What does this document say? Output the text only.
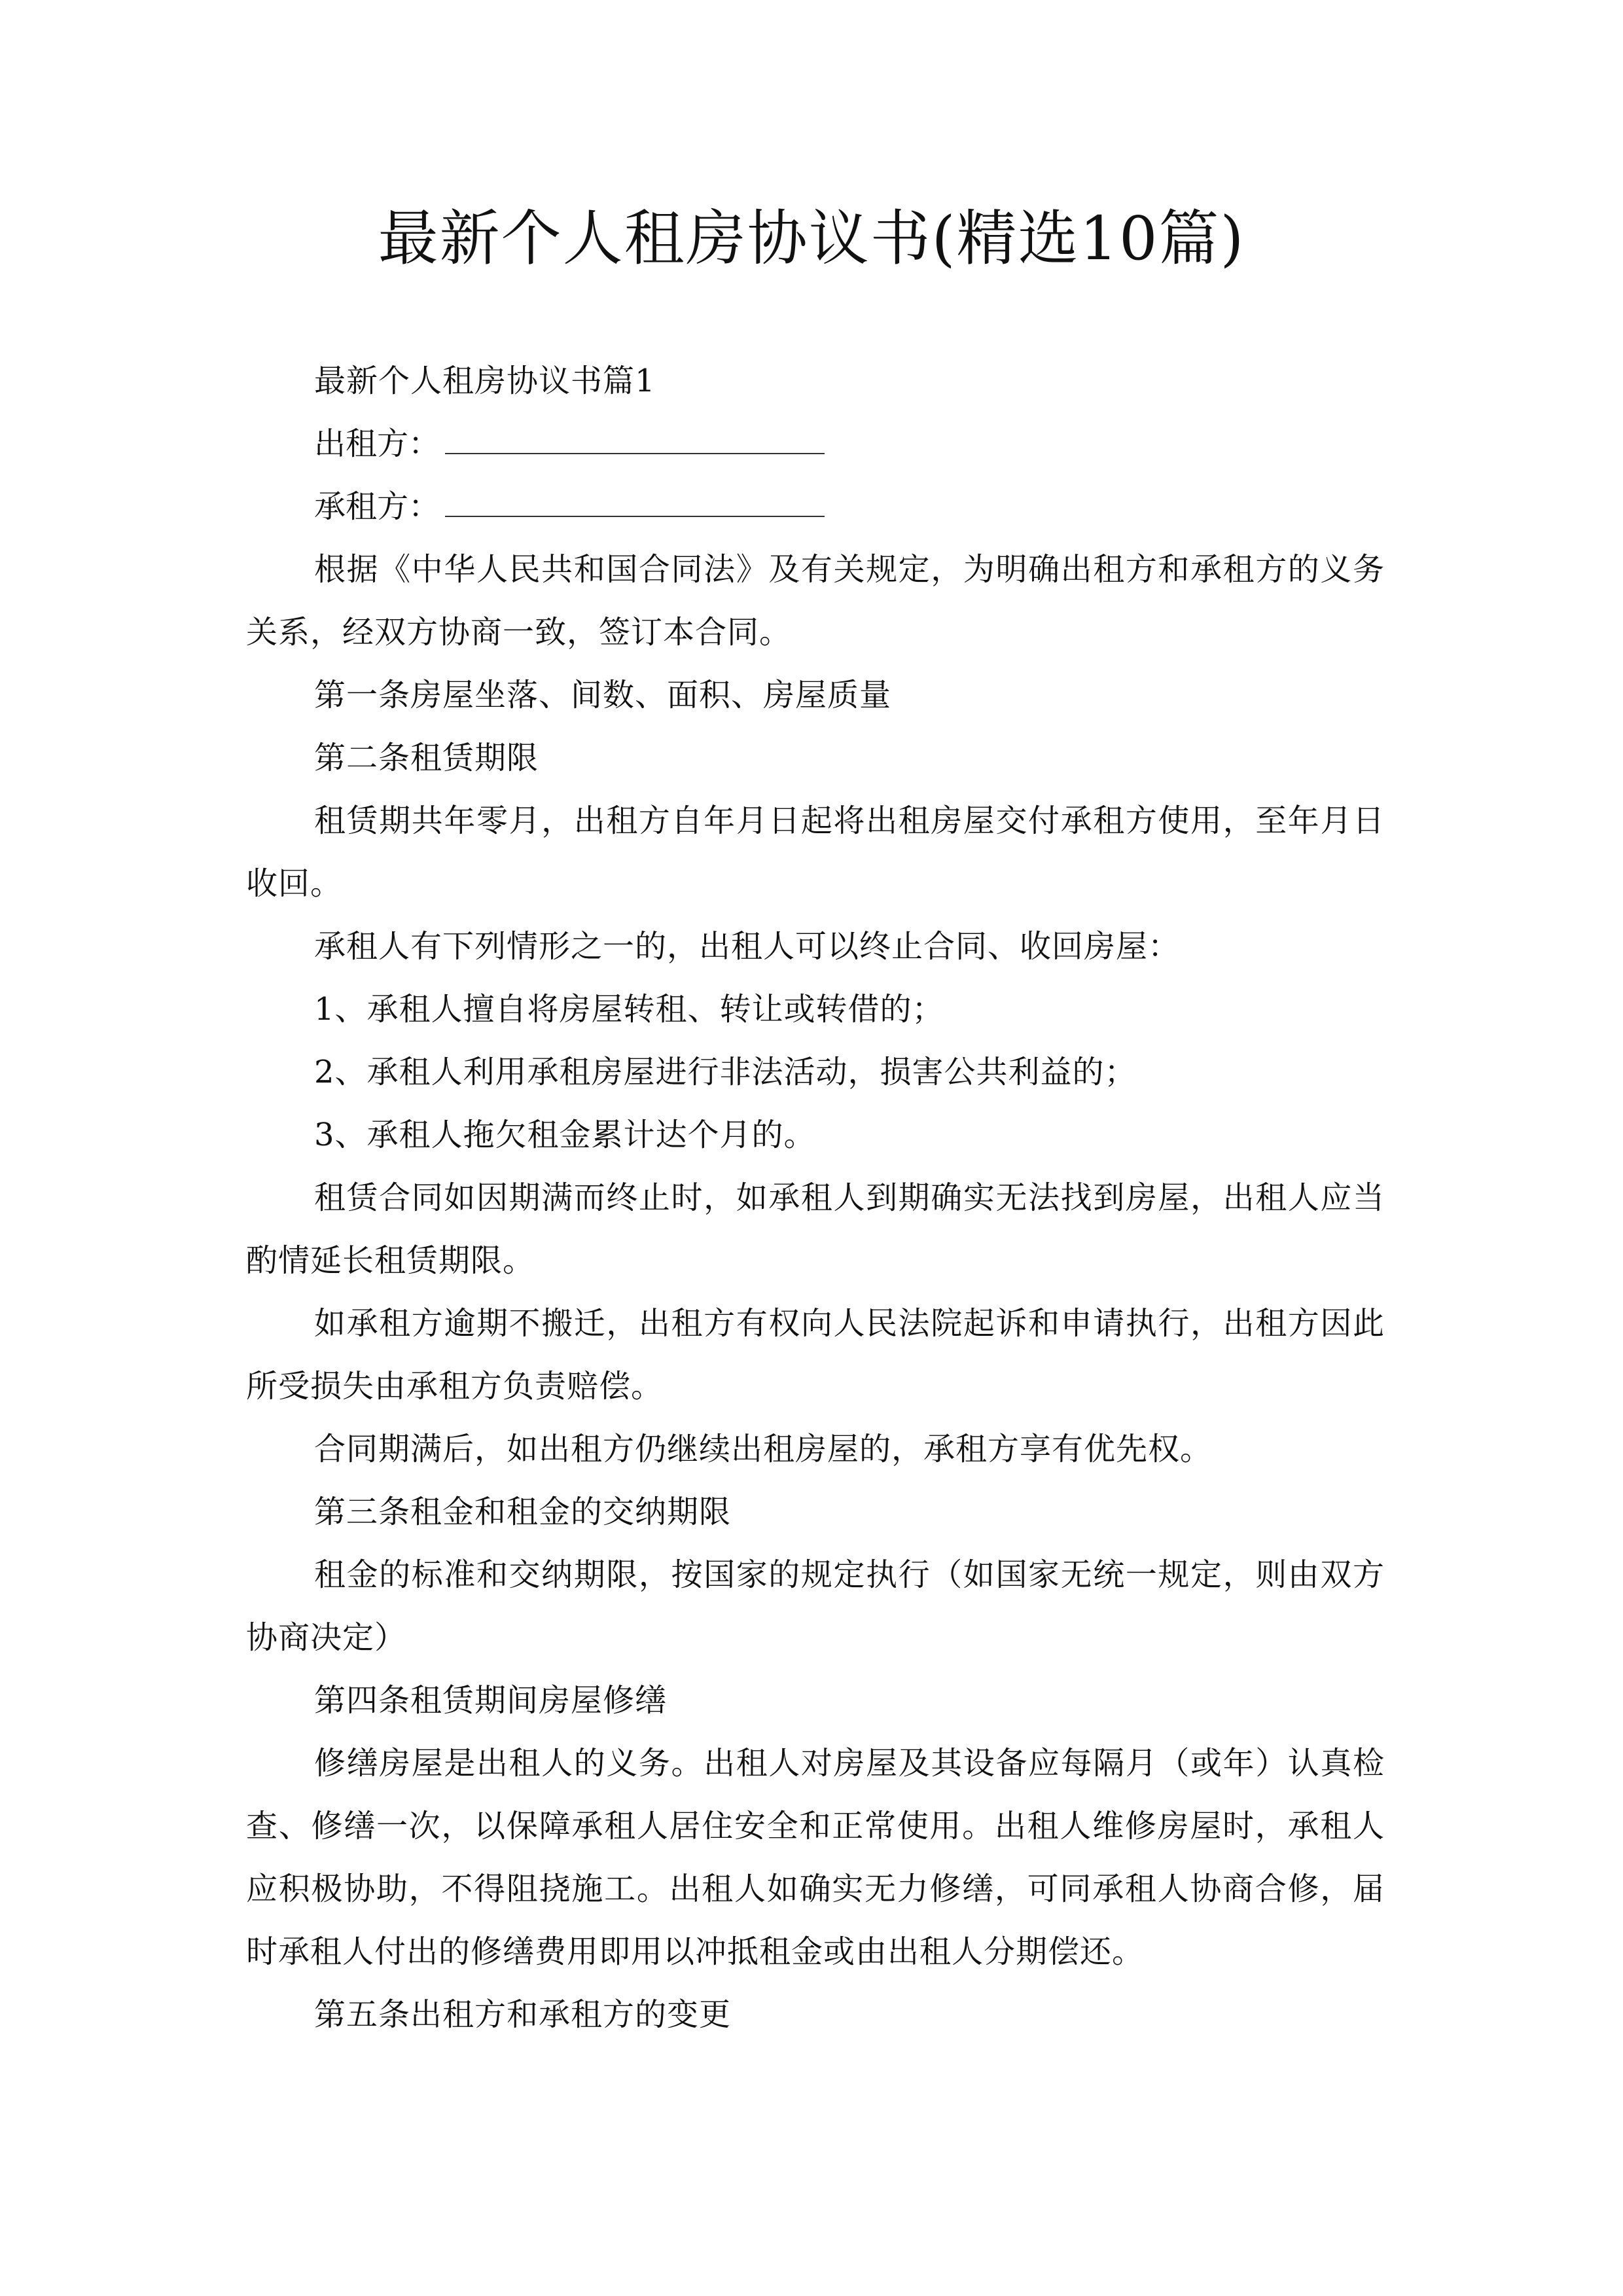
最新个人租房协议书(精选10篇)

最新个人租房协议书篇1

出租方：

承租方：

根据《中华人民共和国合同法》及有关规定，为明确出租方和承租方的义务关系，经双方协商一致，签订本合同。

第一条房屋坐落、间数、面积、房屋质量

第二条租赁期限

租赁期共年零月，出租方自年月日起将出租房屋交付承租方使用，至年月日收回。

承租人有下列情形之一的，出租人可以终止合同、收回房屋：

1、承租人擅自将房屋转租、转让或转借的；

2、承租人利用承租房屋进行非法活动，损害公共利益的；

3、承租人拖欠租金累计达个月的。

租赁合同如因期满而终止时，如承租人到期确实无法找到房屋，出租人应当酌情延长租赁期限。

如承租方逾期不搬迁，出租方有权向人民法院起诉和申请执行，出租方因此所受损失由承租方负责赔偿。

合同期满后，如出租方仍继续出租房屋的，承租方享有优先权。

第三条租金和租金的交纳期限

租金的标准和交纳期限，按国家的规定执行（如国家无统一规定，则由双方协商决定）

第四条租赁期间房屋修缮

修缮房屋是出租人的义务。出租人对房屋及其设备应每隔月（或年）认真检查、修缮一次，以保障承租人居住安全和正常使用。出租人维修房屋时，承租人应积极协助，不得阻挠施工。出租人如确实无力修缮，可同承租人协商合修，届时承租人付出的修缮费用即用以冲抵租金或由出租人分期偿还。

第五条出租方和承租方的变更
